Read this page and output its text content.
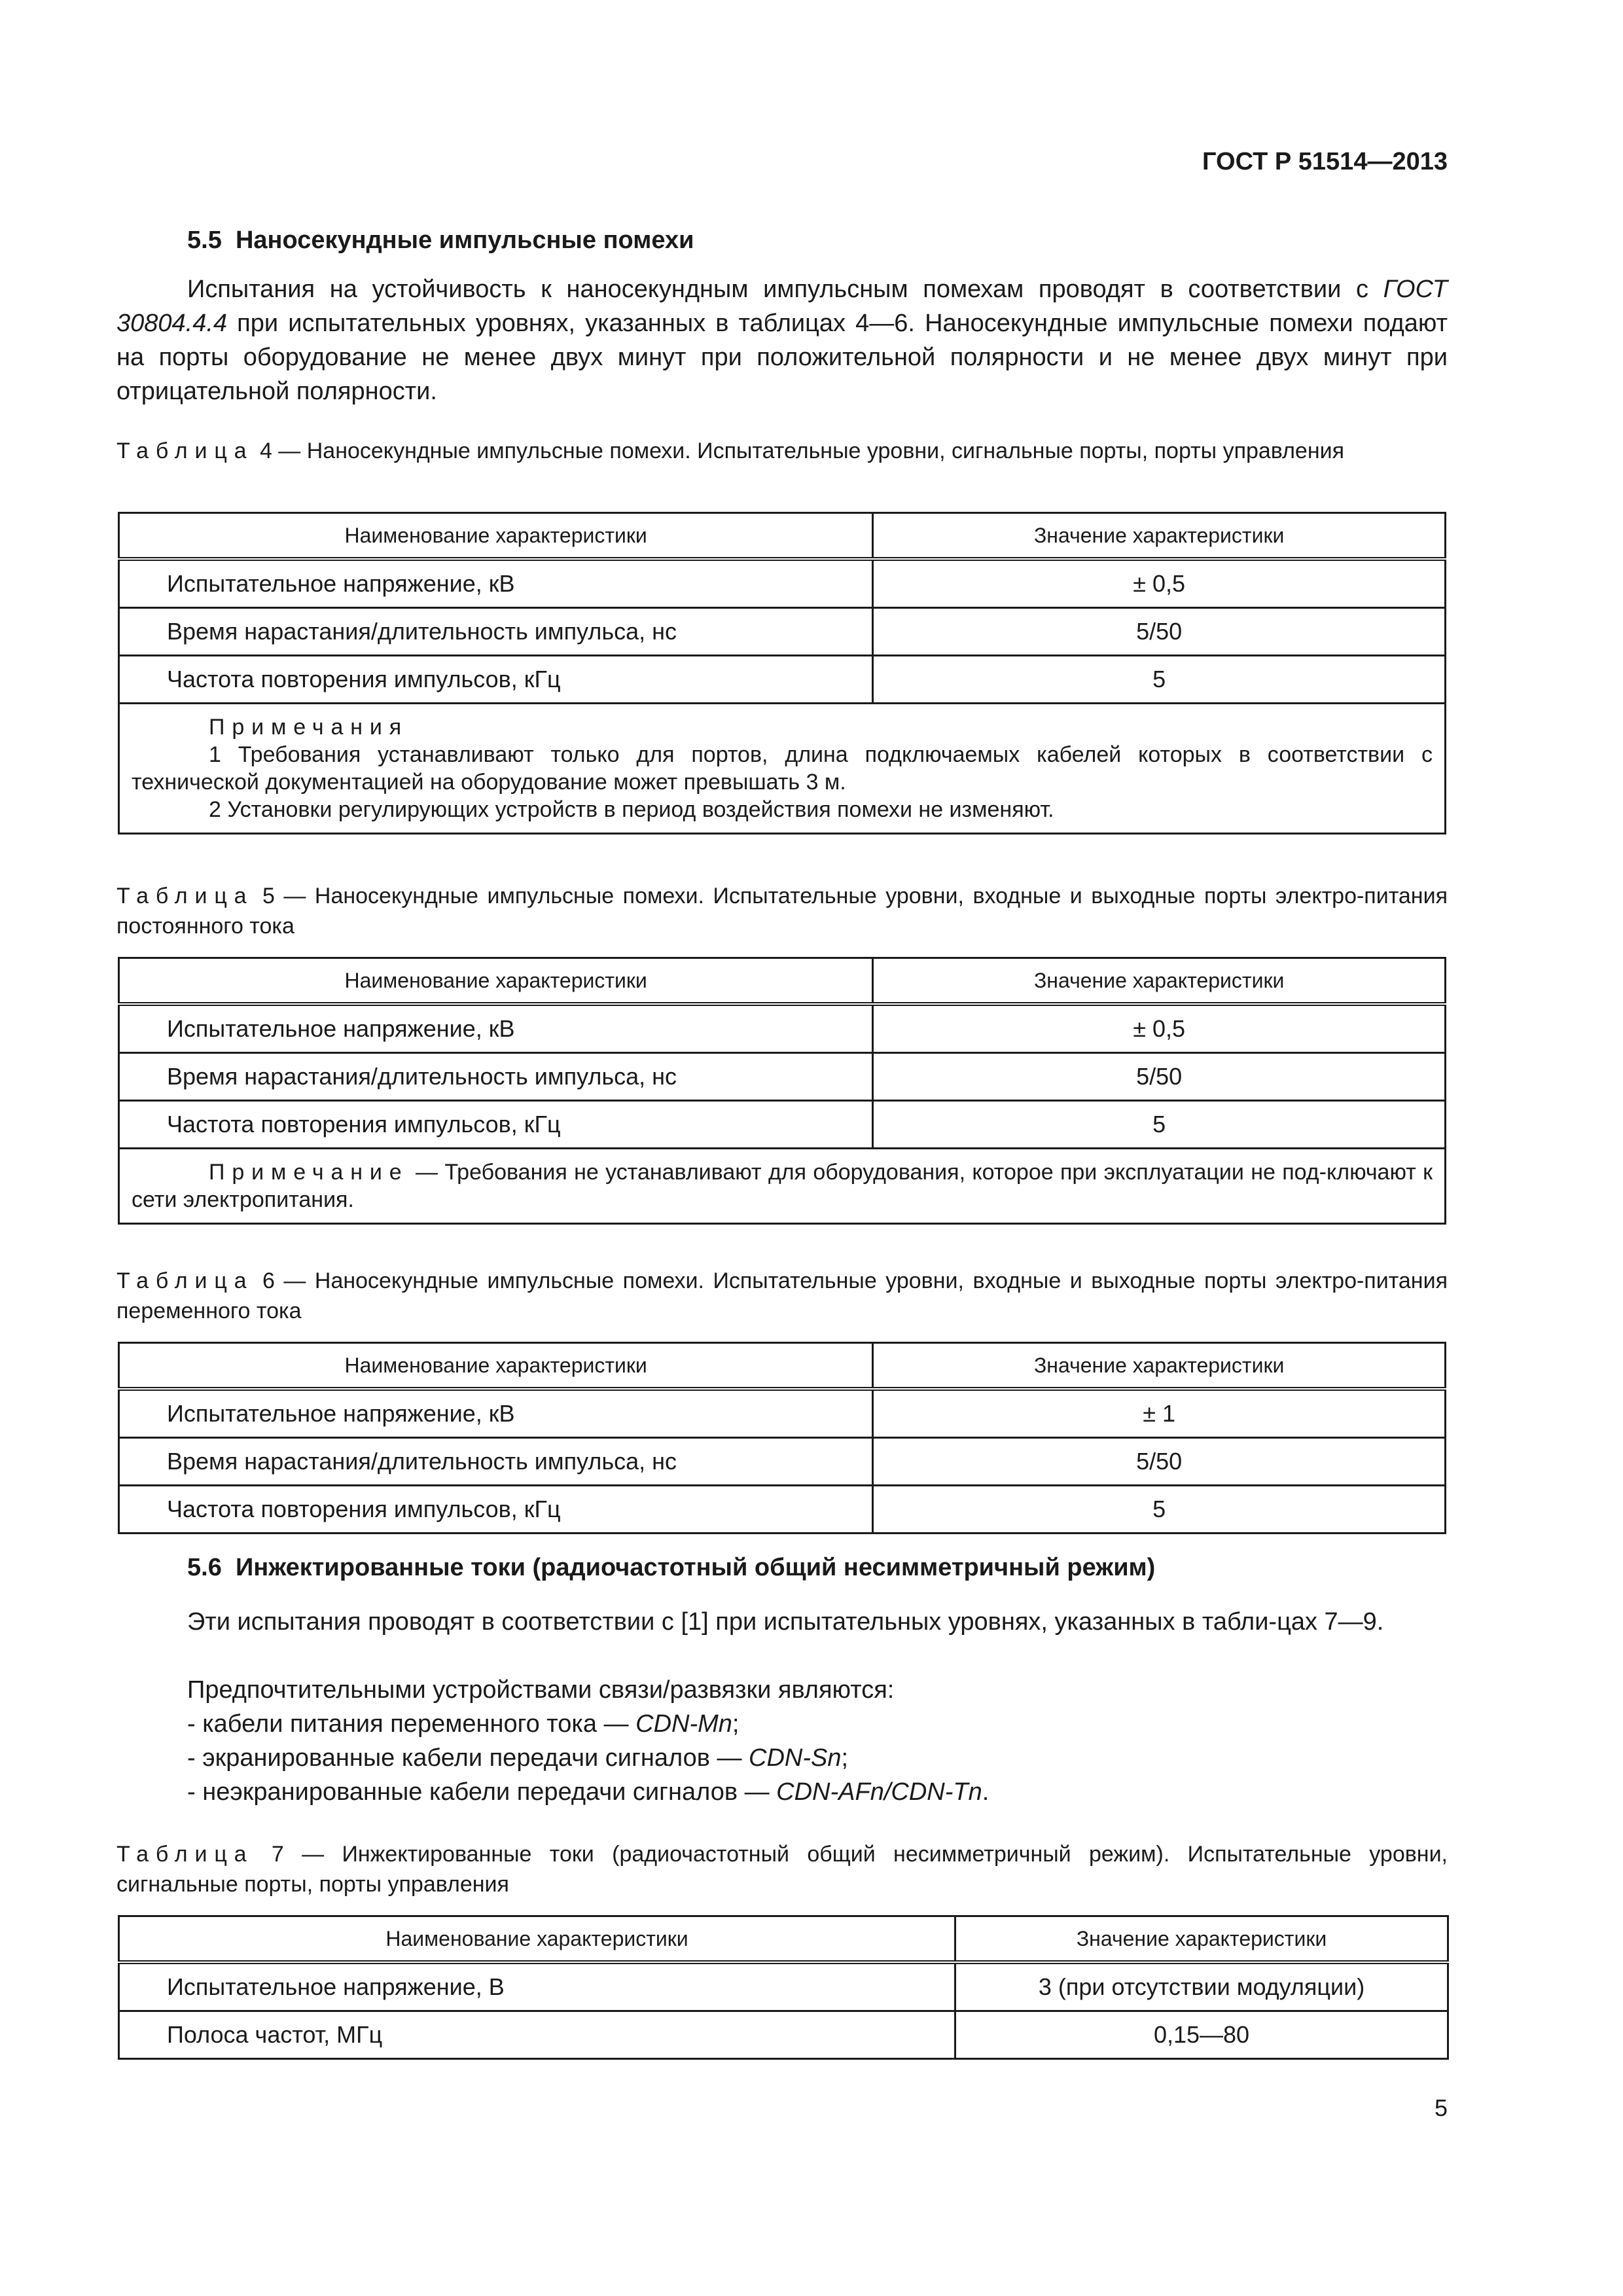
ГОСТ Р 51514—2013
5.5 Наносекундные импульсные помехи
Испытания на устойчивость к наносекундным импульсным помехам проводят в соответствии с ГОСТ 30804.4.4 при испытательных уровнях, указанных в таблицах 4—6. Наносекундные импульсные помехи подают на порты оборудование не менее двух минут при положительной полярности и не менее двух минут при отрицательной полярности.
Таблица 4 — Наносекундные импульсные помехи. Испытательные уровни, сигнальные порты, порты управления
Наименование характеристики	Значение характеристики
Испытательное напряжение, кВ	± 0,5
Время нарастания/длительность импульса, нс	5/50
Частота повторения импульсов, кГц	5

Примечания
1 Требования устанавливают только для портов, длина подключаемых кабелей которых в соответствии с технической документацией на оборудование может превышать 3 м.
2 Установки регулирующих устройств в период воздействия помехи не изменяют.	
Таблица 5 — Наносекундные импульсные помехи. Испытательные уровни, входные и выходные порты электро-питания постоянного тока
Наименование характеристики	Значение характеристики
Испытательное напряжение, кВ	± 0,5
Время нарастания/длительность импульса, нс	5/50
Частота повторения импульсов, кГц	5
Примечание — Требования не устанавливают для оборудования, которое при эксплуатации не под-ключают к сети электропитания.	
Таблица 6 — Наносекундные импульсные помехи. Испытательные уровни, входные и выходные порты электро-питания переменного тока
Наименование характеристики	Значение характеристики
Испытательное напряжение, кВ	± 1
Время нарастания/длительность импульса, нс	5/50
Частота повторения импульсов, кГц	5
5.6 Инжектированные токи (радиочастотный общий несимметричный режим)
Эти испытания проводят в соответствии с [1] при испытательных уровнях, указанных в табли-цах 7—9.
Предпочтительными устройствами связи/развязки являются:
- кабели питания переменного тока — CDN-Mn;
- экранированные кабели передачи сигналов — CDN-Sn;
- неэкранированные кабели передачи сигналов — CDN-AFn/CDN-Tn.
Таблица 7 — Инжектированные токи (радиочастотный общий несимметричный режим). Испытательные уровни, сигнальные порты, порты управления
Наименование характеристики	Значение характеристики
Испытательное напряжение, В	3 (при отсутствии модуляции)
Полоса частот, МГц	0,15—80
5
